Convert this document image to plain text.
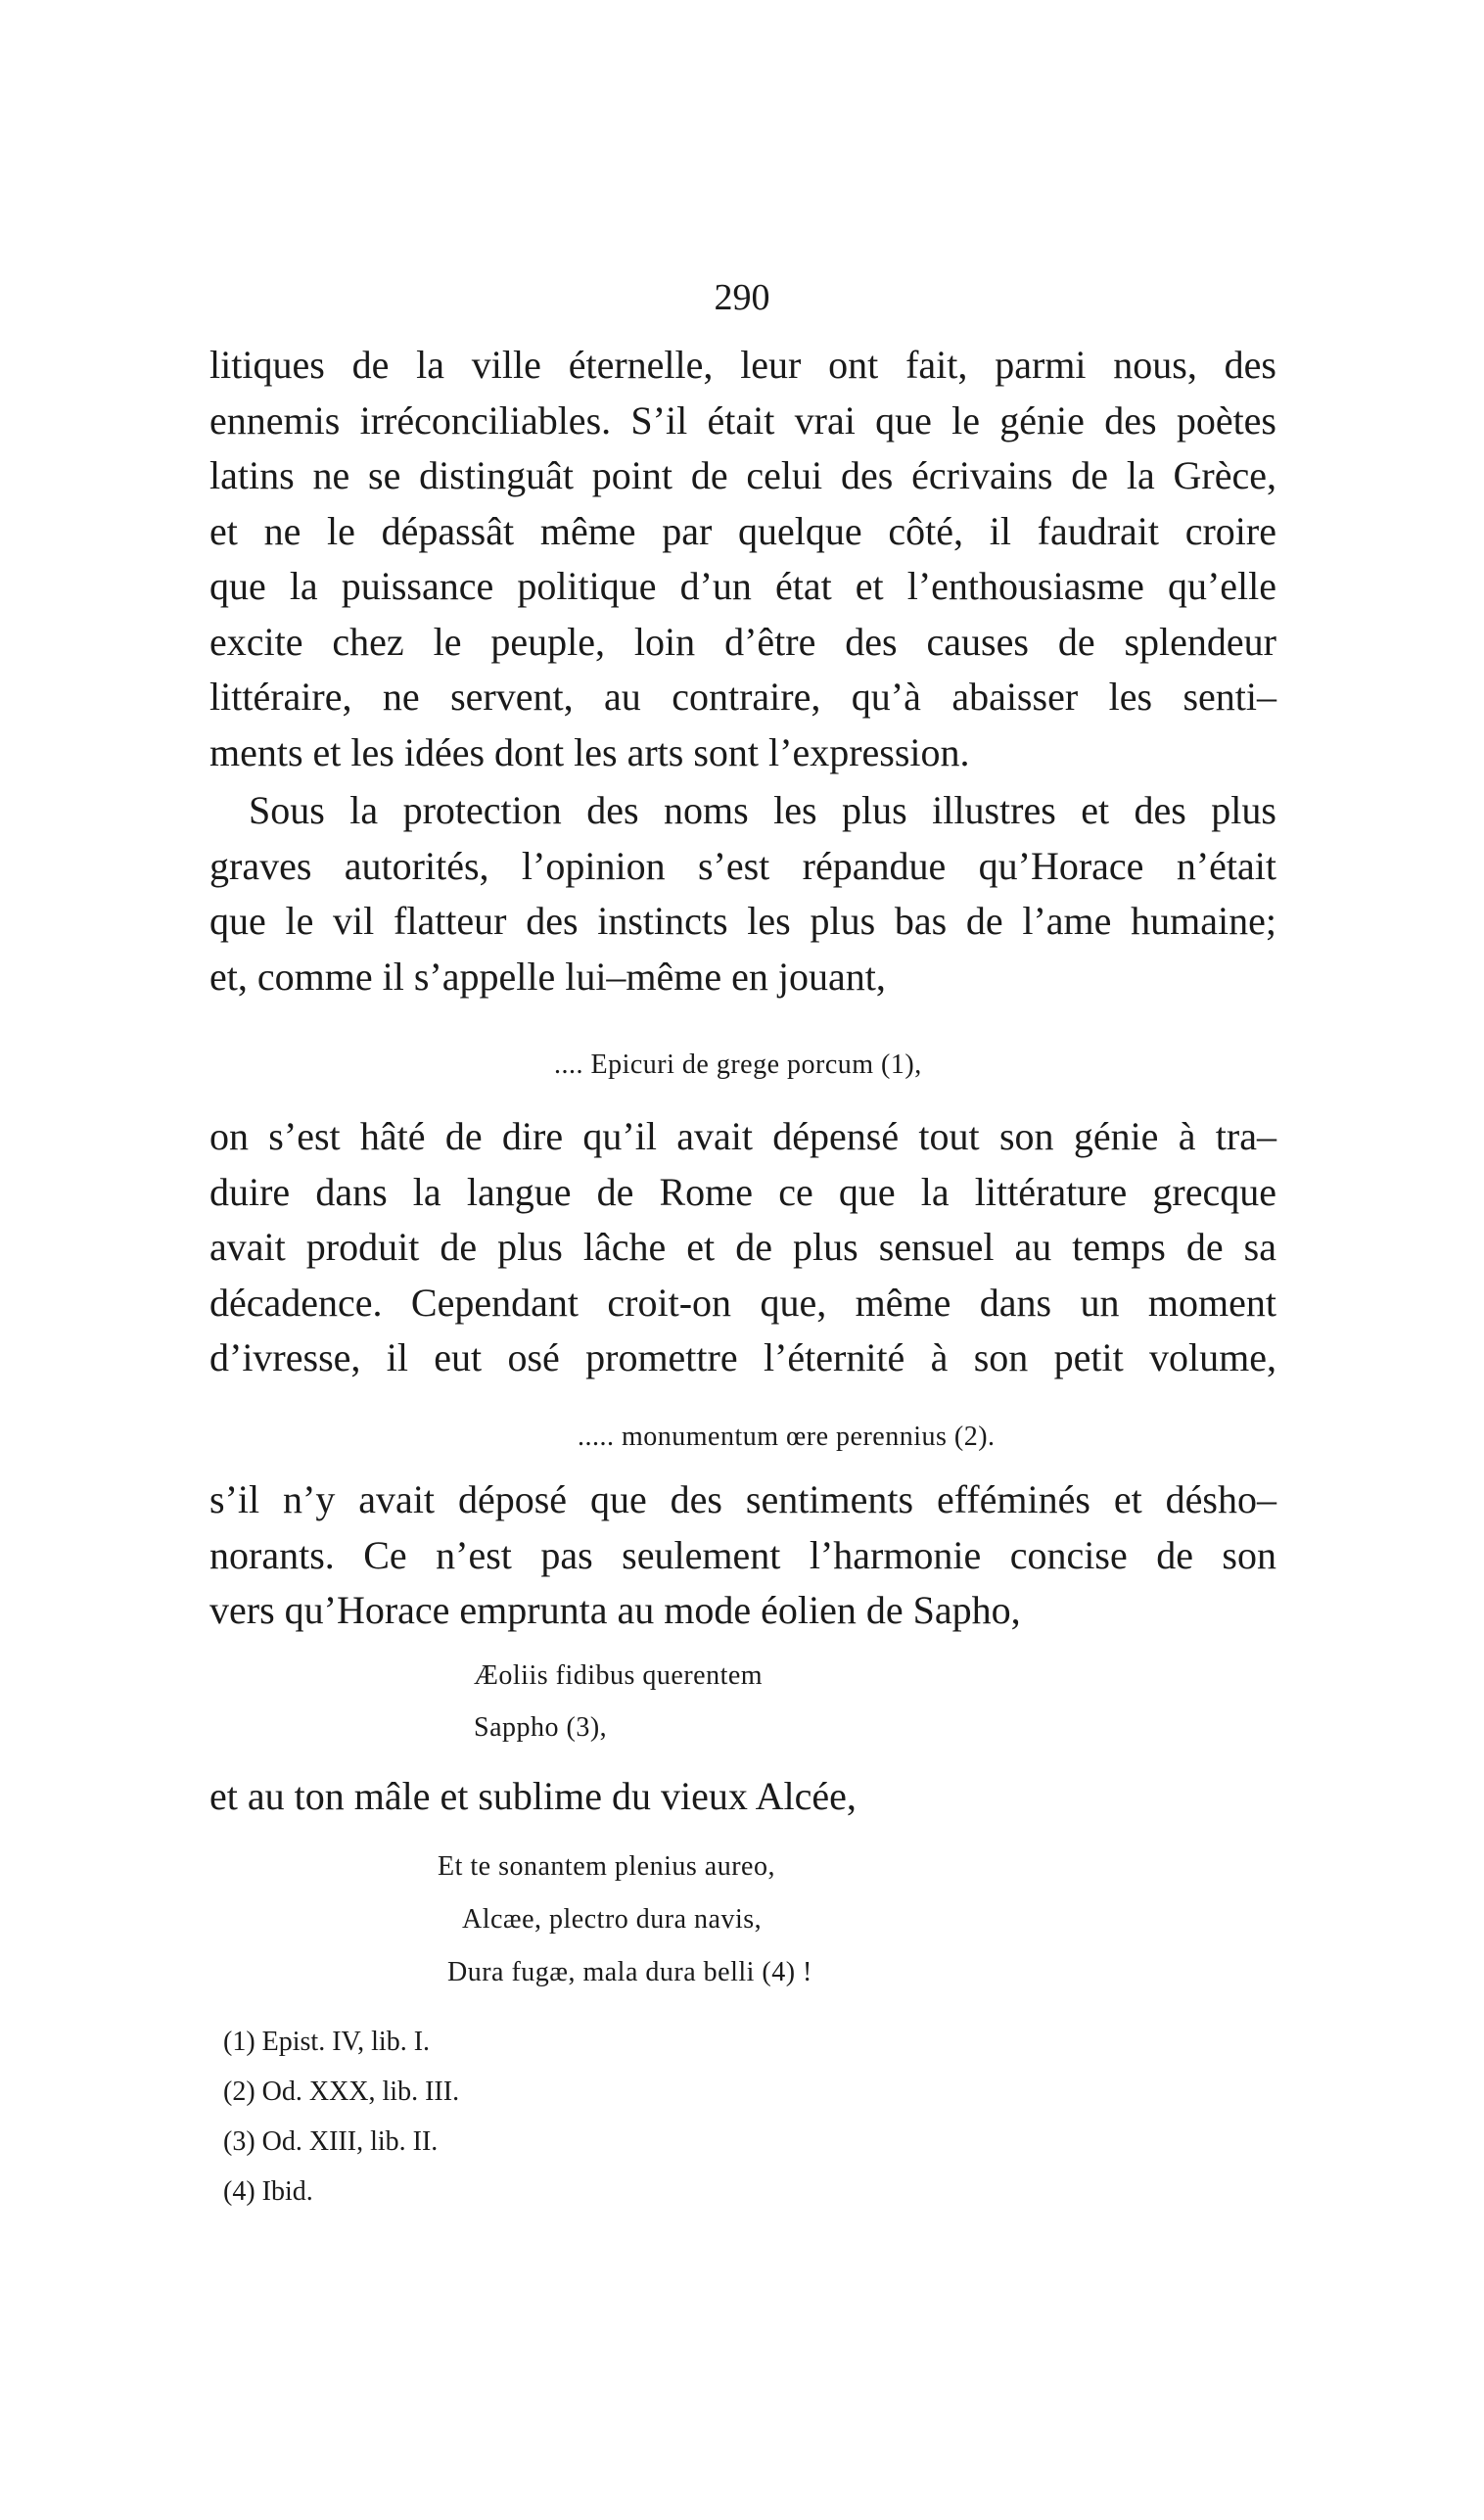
290
litiques de la ville éternelle, leur ont fait, parmi nous, des
ennemis irréconciliables. S’il était vrai que le génie des poètes
latins ne se distinguât point de celui des écrivains de la Grèce,
et ne le dépassât même par quelque côté, il faudrait croire
que la puissance politique d’un état et l’enthousiasme qu’elle
excite chez le peuple, loin d’être des causes de splendeur
littéraire, ne servent, au contraire, qu’à abaisser les senti–
ments et les idées dont les arts sont l’expression.
Sous la protection des noms les plus illustres et des plus
graves autorités, l’opinion s’est répandue qu’Horace n’était
que le vil flatteur des instincts les plus bas de l’ame humaine;
et, comme il s’appelle lui–même en jouant,
.... Epicuri de grege porcum (1),
on s’est hâté de dire qu’il avait dépensé tout son génie à tra–
duire dans la langue de Rome ce que la littérature grecque
avait produit de plus lâche et de plus sensuel au temps de sa
décadence. Cependant croit-on que, même dans un moment
d’ivresse, il eut osé promettre l’éternité à son petit volume,
..... monumentum œre perennius (2).
s’il n’y avait déposé que des sentiments efféminés et désho–
norants. Ce n’est pas seulement l’harmonie concise de son
vers qu’Horace emprunta au mode éolien de Sapho,
Æoliis fidibus querentem
Sappho (3),
et au ton mâle et sublime du vieux Alcée,
Et te sonantem plenius aureo,
Alcæe, plectro dura navis,
Dura fugæ, mala dura belli (4) !
(1) Epist. IV, lib. I.
(2) Od. XXX, lib. III.
(3) Od. XIII, lib. II.
(4) Ibid.
